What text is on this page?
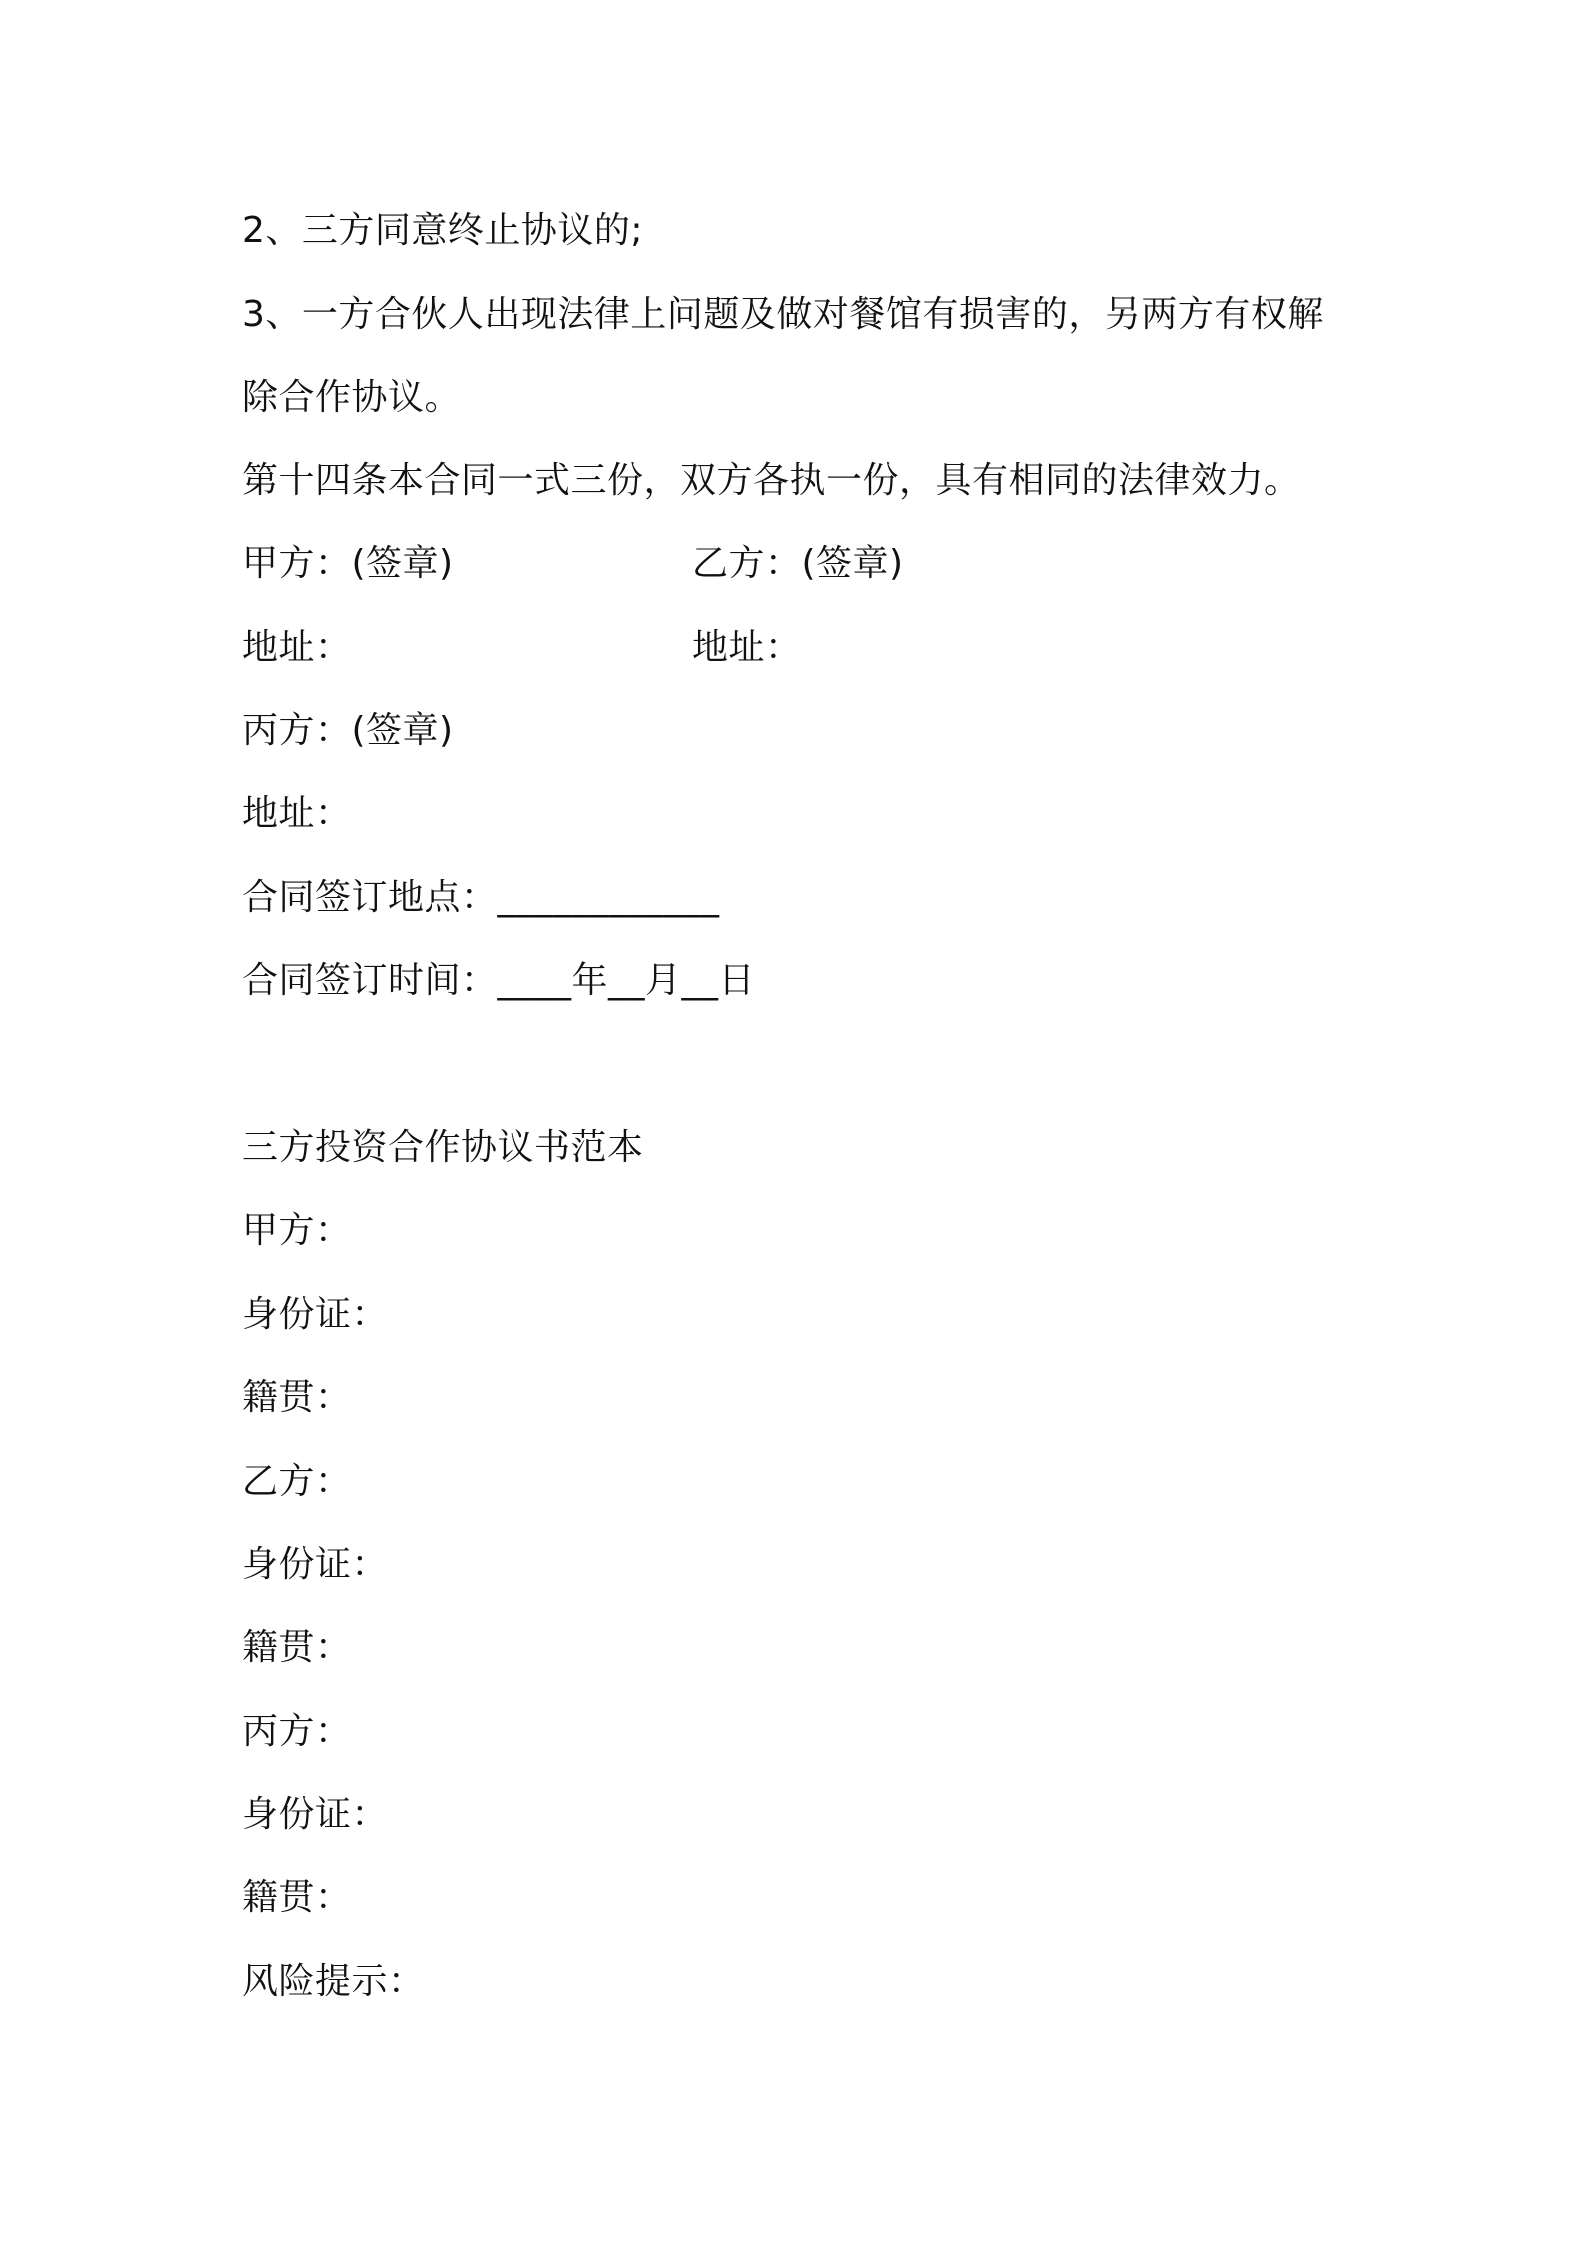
2、三方同意终止协议的;
3、一方合伙人出现法律上问题及做对餐馆有损害的，另两方有权解
除合作协议。
第十四条本合同一式三份，双方各执一份，具有相同的法律效力。
甲方：(签章)	乙方：(签章)
地址：	地址：
丙方：(签章)
地址：
合同签订地点：____________
合同签订时间：____年__月__日
三方投资合作协议书范本
甲方：
身份证：
籍贯：
乙方：
身份证：
籍贯：
丙方：
身份证：
籍贯：
风险提示：
